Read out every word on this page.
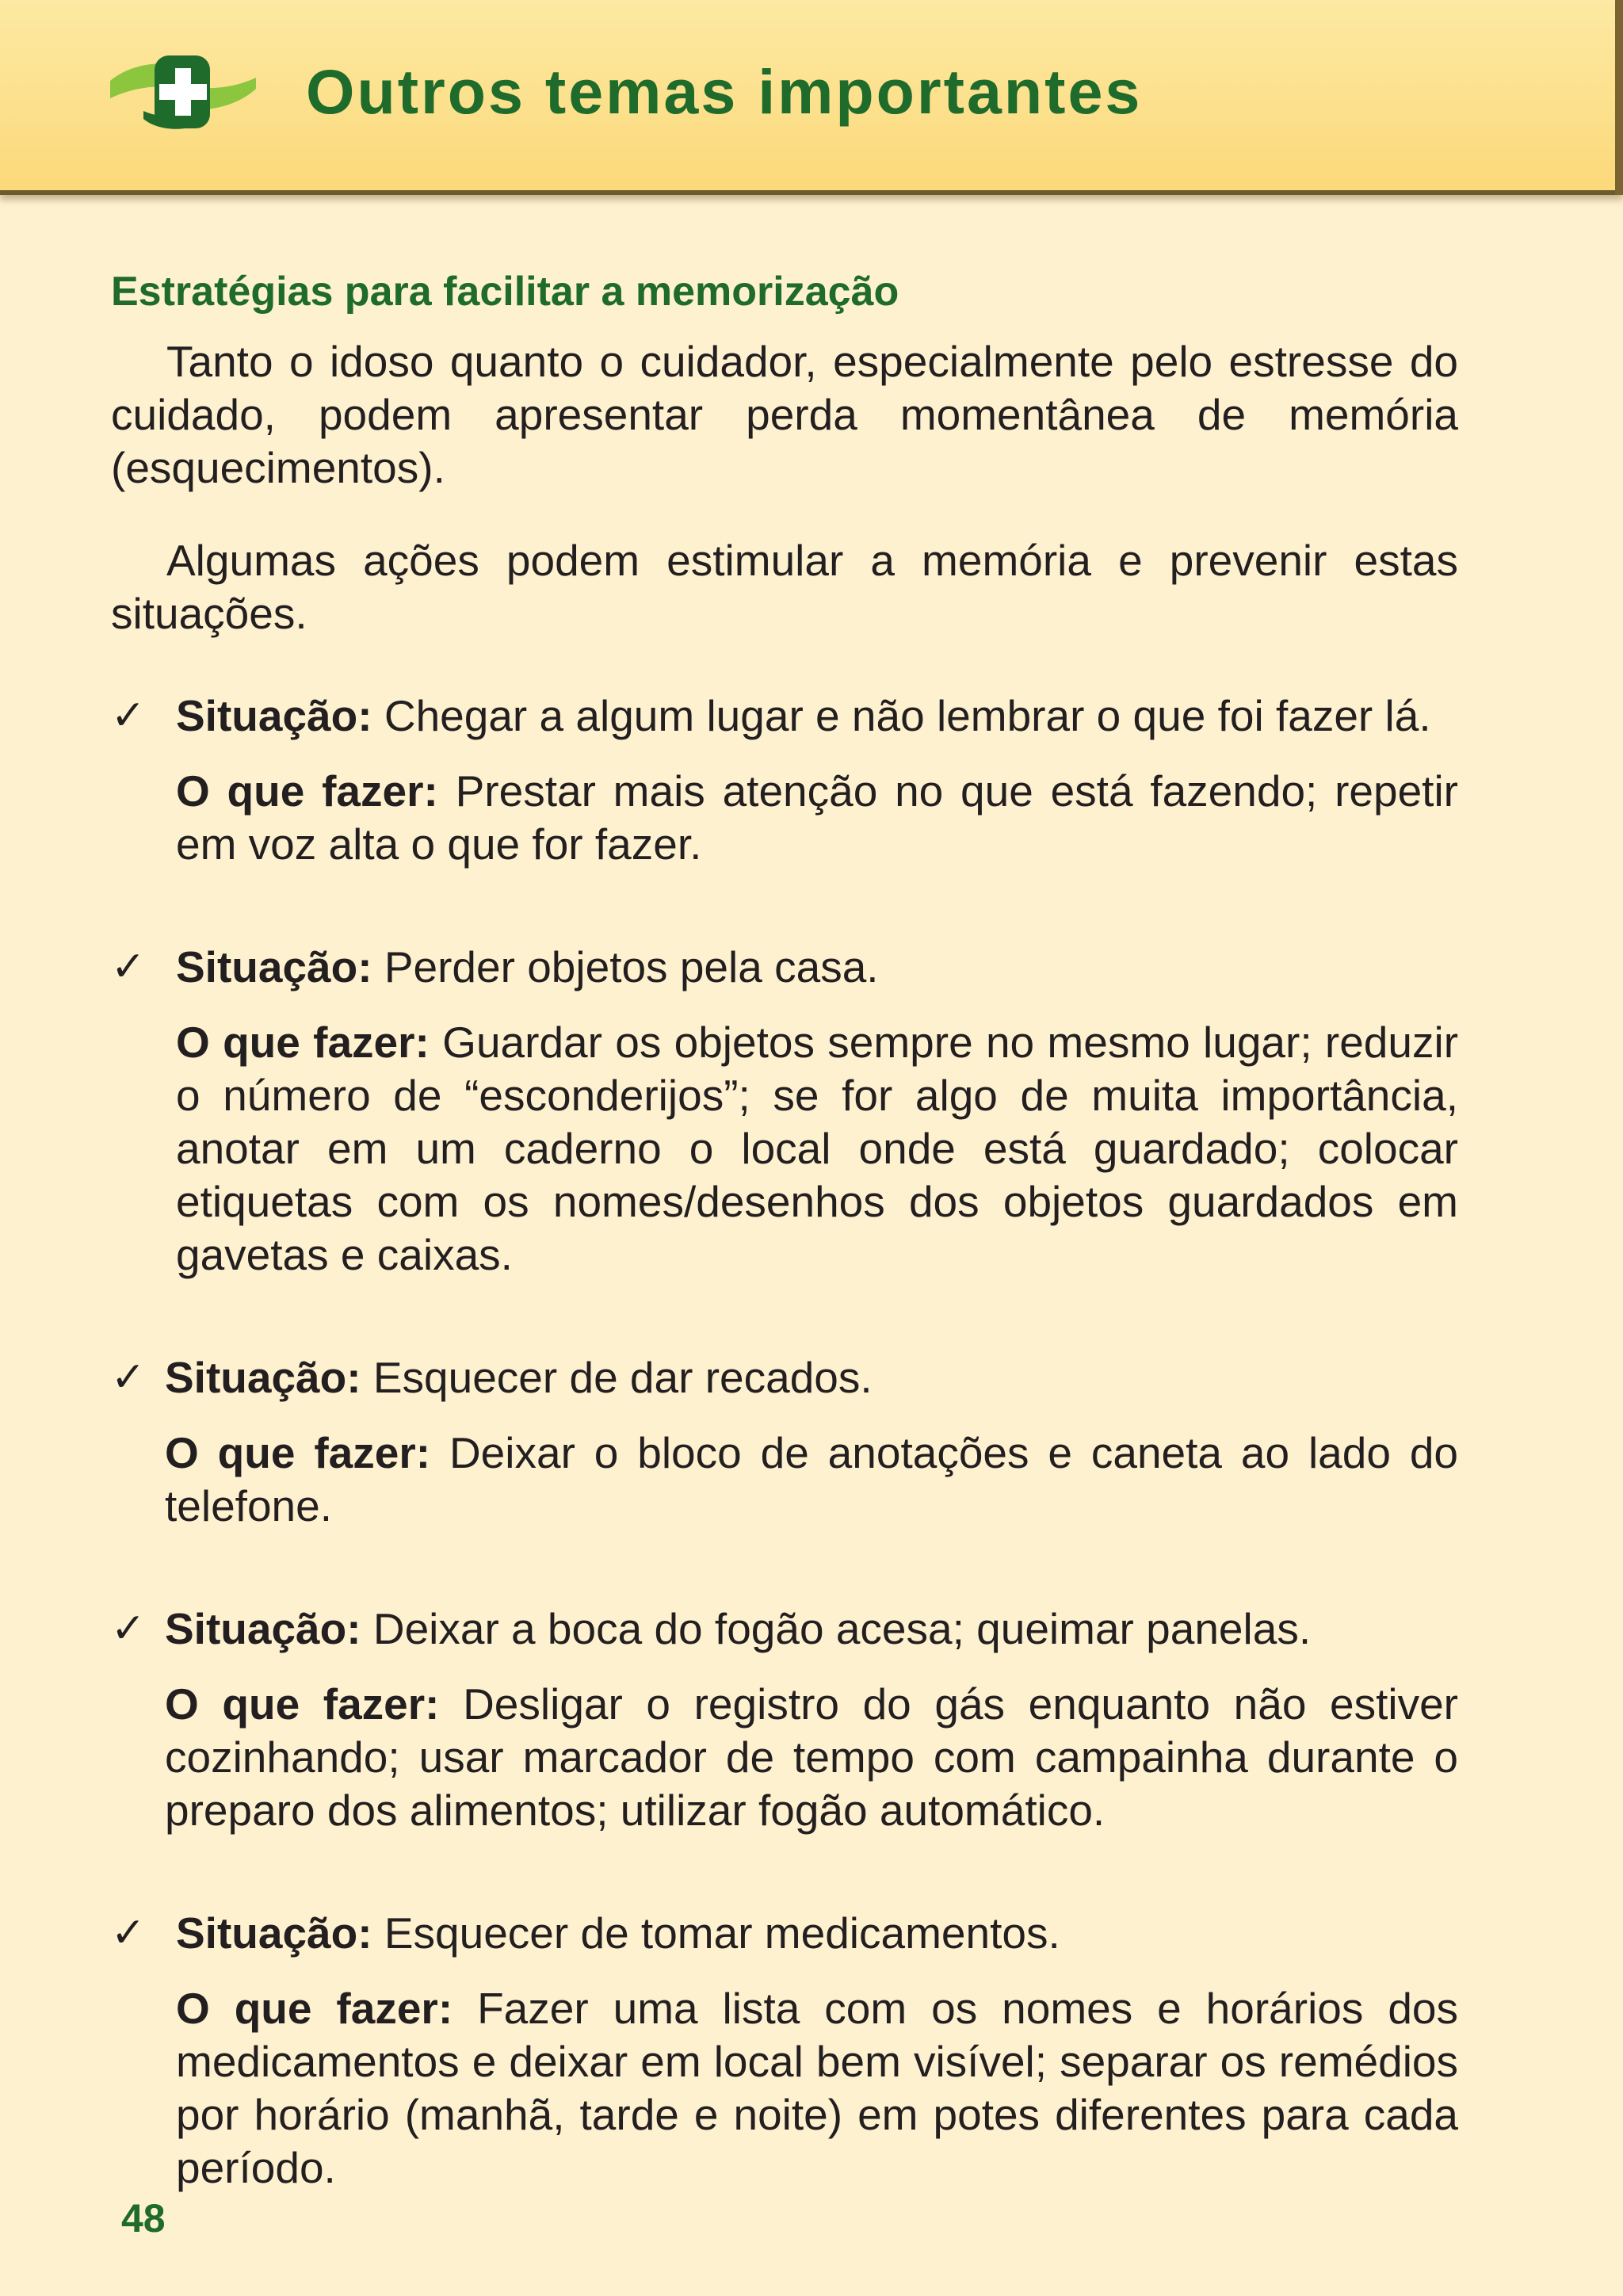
Outros temas importantes
Estratégias para facilitar a memorização

Tanto o idoso quanto o cuidador, especialmente pelo estresse do cuidado, podem apresentar perda momentânea de memória (esquecimentos).

Algumas ações podem estimular a memória e prevenir estas situações.

✓ Situação: Chegar a algum lugar e não lembrar o que foi fazer lá.

O que fazer: Prestar mais atenção no que está fazendo; repetir em voz alta o que for fazer.

✓ Situação: Perder objetos pela casa.

O que fazer: Guardar os objetos sempre no mesmo lugar; reduzir o número de “esconderijos”; se for algo de muita importância, anotar em um caderno o local onde está guardado; colocar etiquetas com os nomes/desenhos dos objetos guardados em gavetas e caixas.

✓ Situação: Esquecer de dar recados.

O que fazer: Deixar o bloco de anotações e caneta ao lado do telefone.

✓ Situação: Deixar a boca do fogão acesa; queimar panelas.

O que fazer: Desligar o registro do gás enquanto não estiver cozinhando; usar marcador de tempo com campainha durante o preparo dos alimentos; utilizar fogão automático.

✓ Situação: Esquecer de tomar medicamentos.

O que fazer: Fazer uma lista com os nomes e horários dos medicamentos e deixar em local bem visível; separar os remédios por horário (manhã, tarde e noite) em potes diferentes para cada período.

48
